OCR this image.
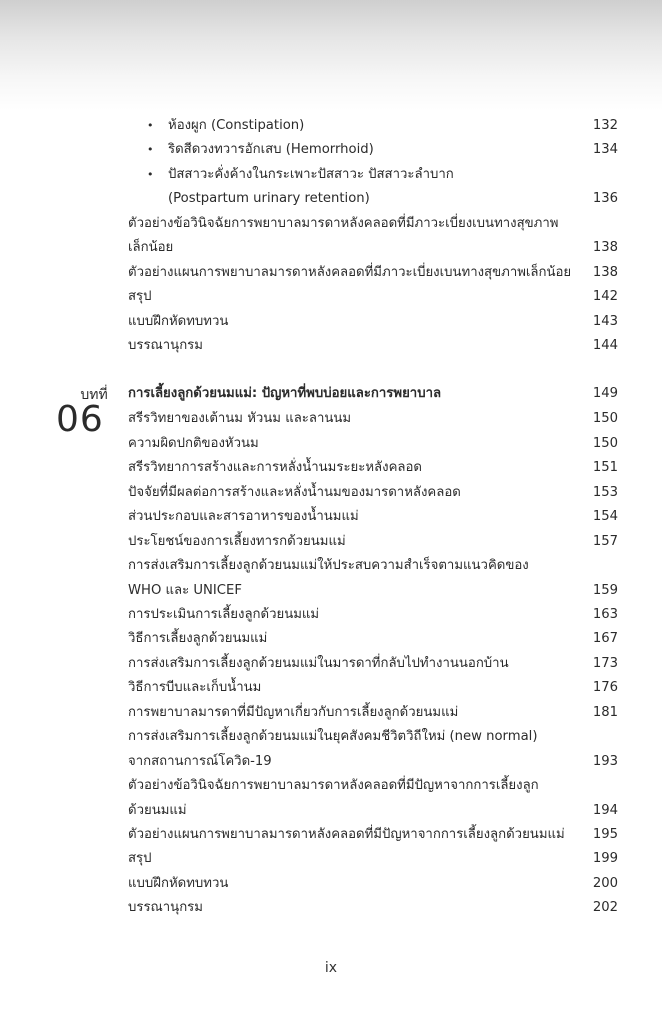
• ห้องผูก (Constipation)	132
• ริดสีดวงทวารอักเสบ (Hemorrhoid)	134
• ปัสสาวะคั่งค้างในกระเพาะปัสสาวะ ปัสสาวะลำบาก
(Postpartum urinary retention)	136
ตัวอย่างข้อวินิจฉัยการพยาบาลมารดาหลังคลอดที่มีภาวะเบี่ยงเบนทางสุขภาพ
เล็กน้อย	138
ตัวอย่างแผนการพยาบาลมารดาหลังคลอดที่มีภาวะเบี่ยงเบนทางสุขภาพเล็กน้อย 138
สรุป	142
แบบฝึกหัดทบทวน	143
บรรณานุกรม	144
บทที่
06
การเลี้ยงลูกด้วยนมแม่: ปัญหาที่พบบ่อยและการพยาบาล	149
สรีรวิทยาของเต้านม หัวนม และลานนม	150
ความผิดปกติของหัวนม	150
สรีรวิทยาการสร้างและการหลั่งน้ำนมระยะหลังคลอด	151
ปัจจัยที่มีผลต่อการสร้างและหลั่งน้ำนมของมารดาหลังคลอด	153
ส่วนประกอบและสารอาหารของน้ำนมแม่	154
ประโยชน์ของการเลี้ยงทารกด้วยนมแม่	157
การส่งเสริมการเลี้ยงลูกด้วยนมแม่ให้ประสบความสำเร็จตามแนวคิดของ
WHO และ UNICEF	159
การประเมินการเลี้ยงลูกด้วยนมแม่	163
วิธีการเลี้ยงลูกด้วยนมแม่	167
การส่งเสริมการเลี้ยงลูกด้วยนมแม่ในมารดาที่กลับไปทำงานนอกบ้าน	173
วิธีการบีบและเก็บน้ำนม	176
การพยาบาลมารดาที่มีปัญหาเกี่ยวกับการเลี้ยงลูกด้วยนมแม่	181
การส่งเสริมการเลี้ยงลูกด้วยนมแม่ในยุคสังคมชีวิตวิถีใหม่ (new normal)
จากสถานการณ์โควิด-19	193
ตัวอย่างข้อวินิจฉัยการพยาบาลมารดาหลังคลอดที่มีปัญหาจากการเลี้ยงลูก
ด้วยนมแม่	194
ตัวอย่างแผนการพยาบาลมารดาหลังคลอดที่มีปัญหาจากการเลี้ยงลูกด้วยนมแม่ 195
สรุป	199
แบบฝึกหัดทบทวน	200
บรรณานุกรม	202
ix
